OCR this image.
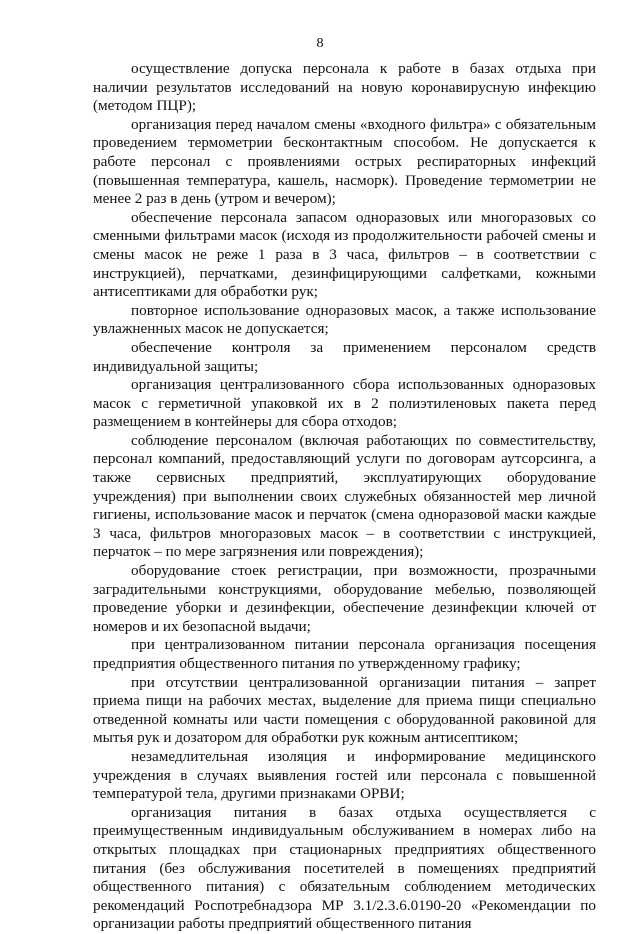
8

осуществление допуска персонала к работе в базах отдыха при наличии результатов исследований на новую коронавирусную инфекцию (методом ПЦР);

организация перед началом смены «входного фильтра» с обязательным проведением термометрии бесконтактным способом. Не допускается к работе персонал с проявлениями острых респираторных инфекций (повышенная температура, кашель, насморк). Проведение термометрии не менее 2 раз в день (утром и вечером);

обеспечение персонала запасом одноразовых или многоразовых со сменными фильтрами масок (исходя из продолжительности рабочей смены и смены масок не реже 1 раза в 3 часа, фильтров – в соответствии с инструкцией), перчатками, дезинфицирующими салфетками, кожными антисептиками для обработки рук;

повторное использование одноразовых масок, а также использование увлажненных масок не допускается;

обеспечение контроля за применением персоналом средств индивидуальной защиты;

организация централизованного сбора использованных одноразовых масок с герметичной упаковкой их в 2 полиэтиленовых пакета перед размещением в контейнеры для сбора отходов;

соблюдение персоналом (включая работающих по совместительству, персонал компаний, предоставляющий услуги по договорам аутсорсинга, а также сервисных предприятий, эксплуатирующих оборудование учреждения) при выполнении своих служебных обязанностей мер личной гигиены, использование масок и перчаток (смена одноразовой маски каждые 3 часа, фильтров многоразовых масок – в соответствии с инструкцией, перчаток – по мере загрязнения или повреждения);

оборудование стоек регистрации, при возможности, прозрачными заградительными конструкциями, оборудование мебелью, позволяющей проведение уборки и дезинфекции, обеспечение дезинфекции ключей от номеров и их безопасной выдачи;

при централизованном питании персонала организация посещения предприятия общественного питания по утвержденному графику;

при отсутствии централизованной организации питания – запрет приема пищи на рабочих местах, выделение для приема пищи специально отведенной комнаты или части помещения с оборудованной раковиной для мытья рук и дозатором для обработки рук кожным антисептиком;

незамедлительная изоляция и информирование медицинского учреждения в случаях выявления гостей или персонала с повышенной температурой тела, другими признаками ОРВИ;

организация питания в базах отдыха осуществляется с преимущественным индивидуальным обслуживанием в номерах либо на открытых площадках при стационарных предприятиях общественного питания (без обслуживания посетителей в помещениях предприятий общественного питания) с обязательным соблюдением методических рекомендаций Роспотребнадзора МР 3.1/2.3.6.0190-20 «Рекомендации по организации работы предприятий общественного питания
